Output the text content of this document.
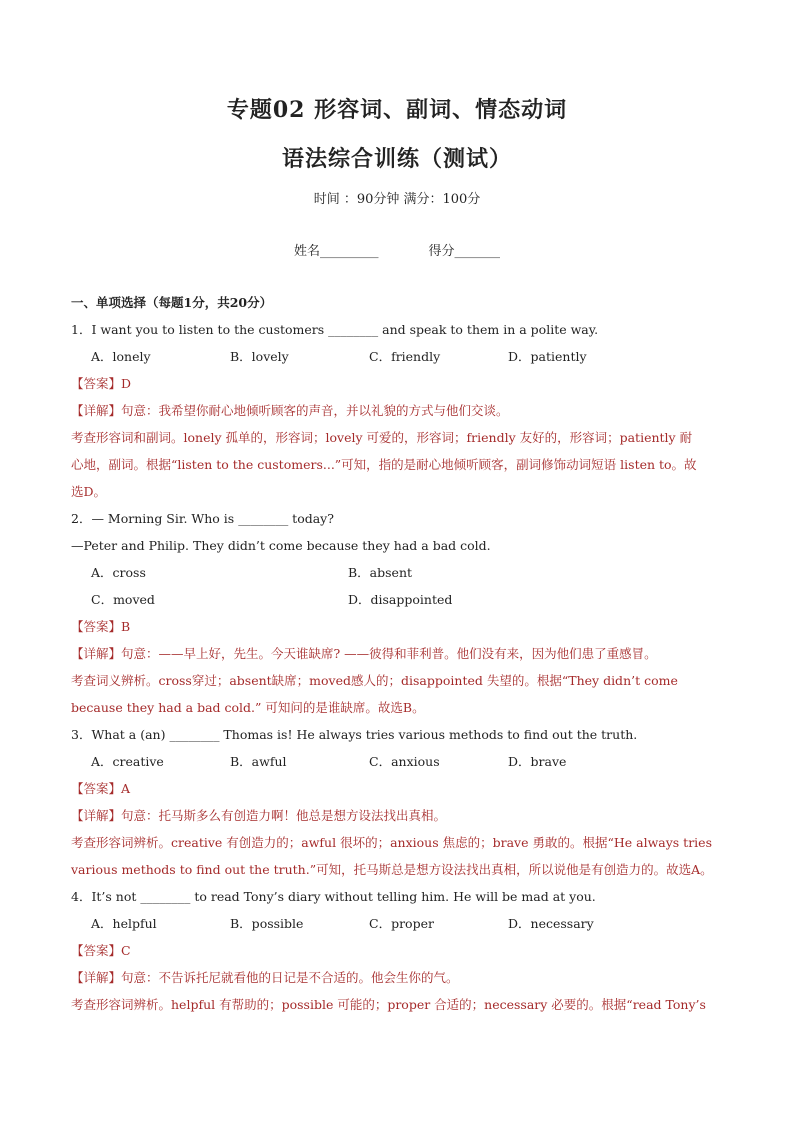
专题02 形容词、副词、情态动词
语法综合训练（测试）
时间 ：90分钟 满分：100分
姓名_________	得分_______
一、单项选择（每题1分，共20分）
1．I want you to listen to the customers ________ and speak to them in a polite way.
A．lonely	B．lovely	C．friendly	D．patiently
【答案】D
【详解】句意：我希望你耐心地倾听顾客的声音，并以礼貌的方式与他们交谈。
考查形容词和副词。lonely 孤单的，形容词；lovely 可爱的，形容词；friendly 友好的，形容词；patiently 耐
心地，副词。根据“listen to the customers...”可知，指的是耐心地倾听顾客，副词修饰动词短语 listen to。故
选D。
2．— Morning Sir. Who is ________ today?
—Peter and Philip. They didn’t come because they had a bad cold.
A．cross	B．absent
C．moved	D．disappointed
【答案】B
【详解】句意：——早上好，先生。今天谁缺席? ——彼得和菲利普。他们没有来，因为他们患了重感冒。
考查词义辨析。cross穿过；absent缺席；moved感人的；disappointed 失望的。根据“They didn’t come
because they had a bad cold.” 可知问的是谁缺席。故选B。
3．What a (an) ________ Thomas is! He always tries various methods to find out the truth.
A．creative	B．awful	C．anxious	D．brave
【答案】A
【详解】句意：托马斯多么有创造力啊！他总是想方设法找出真相。
考查形容词辨析。creative 有创造力的；awful 很坏的；anxious 焦虑的；brave 勇敢的。根据“He always tries
various methods to find out the truth.”可知，托马斯总是想方设法找出真相，所以说他是有创造力的。故选A。
4．It’s not ________ to read Tony’s diary without telling him. He will be mad at you.
A．helpful	B．possible	C．proper	D．necessary
【答案】C
【详解】句意：不告诉托尼就看他的日记是不合适的。他会生你的气。
考查形容词辨析。helpful 有帮助的；possible 可能的；proper 合适的；necessary 必要的。根据“read Tony’s
